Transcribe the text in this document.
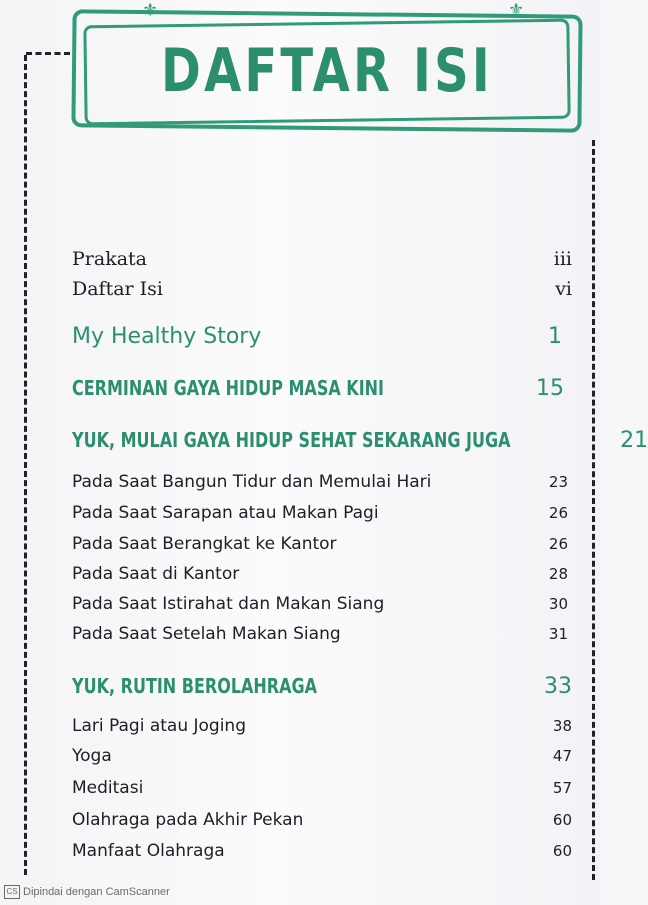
⚜	⚜
DAFTAR ISI
Prakata	iii
Daftar Isi	vi
My Healthy Story	1
CERMINAN GAYA HIDUP MASA KINI	15
YUK, MULAI GAYA HIDUP SEHAT SEKARANG JUGA	21
Pada Saat Bangun Tidur dan Memulai Hari	23
Pada Saat Sarapan atau Makan Pagi	26
Pada Saat Berangkat ke Kantor	26
Pada Saat di Kantor	28
Pada Saat Istirahat dan Makan Siang	30
Pada Saat Setelah Makan Siang	31
YUK, RUTIN BEROLAHRAGA	33
Lari Pagi atau Joging	38
Yoga	47
Meditasi	57
Olahraga pada Akhir Pekan	60
Manfaat Olahraga	60
CS Dipindai dengan CamScanner
